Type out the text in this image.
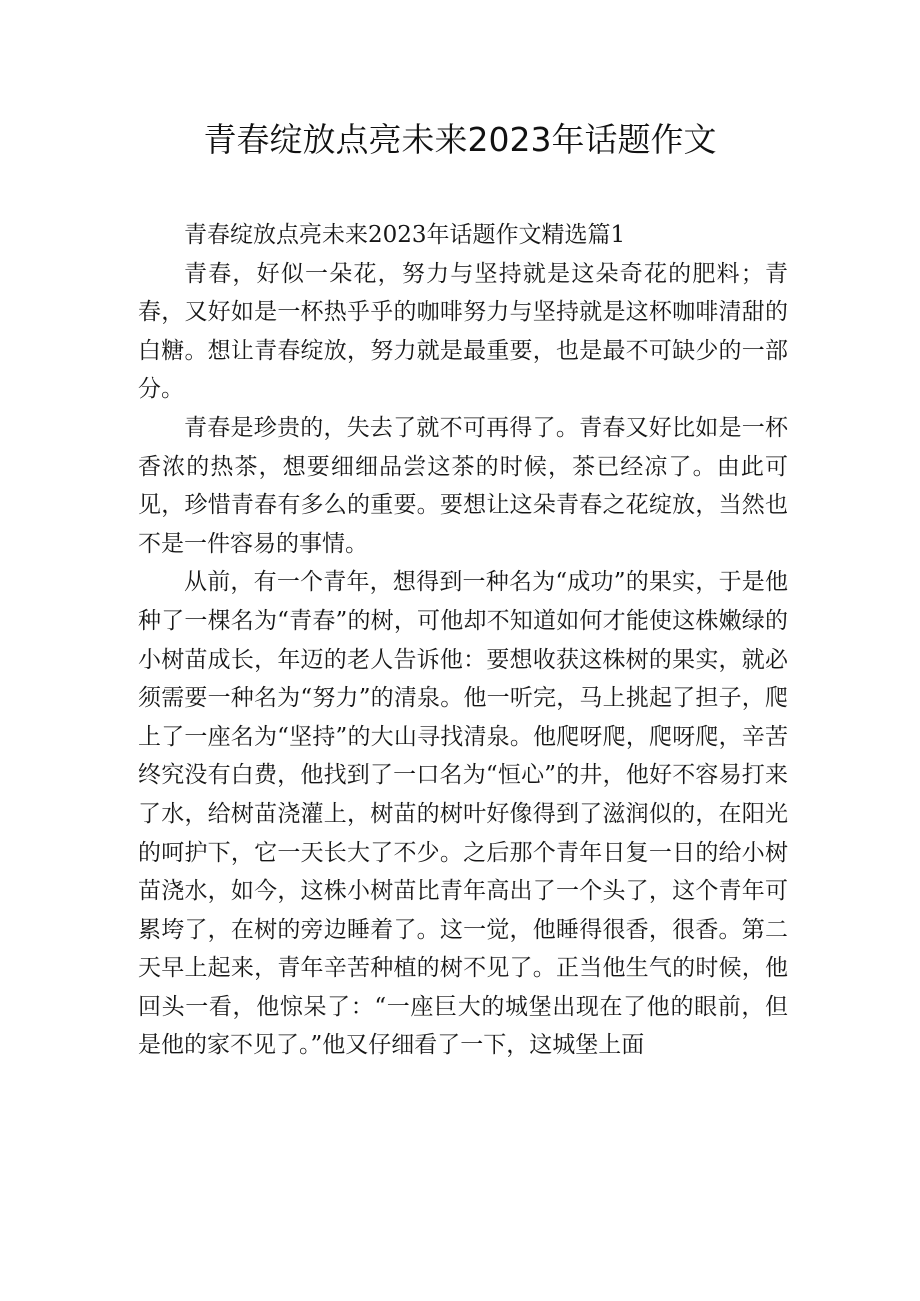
青春绽放点亮未来2023年话题作文

青春绽放点亮未来2023年话题作文精选篇1

青春，好似一朵花，努力与坚持就是这朵奇花的肥料；青春，又好如是一杯热乎乎的咖啡努力与坚持就是这杯咖啡清甜的白糖。想让青春绽放，努力就是最重要，也是最不可缺少的一部分。

青春是珍贵的，失去了就不可再得了。青春又好比如是一杯香浓的热茶，想要细细品尝这茶的时候，茶已经凉了。由此可见，珍惜青春有多么的重要。要想让这朵青春之花绽放，当然也不是一件容易的事情。

从前，有一个青年，想得到一种名为“成功”的果实，于是他种了一棵名为“青春”的树，可他却不知道如何才能使这株嫩绿的小树苗成长，年迈的老人告诉他：要想收获这株树的果实，就必须需要一种名为“努力”的清泉。他一听完，马上挑起了担子，爬上了一座名为“坚持”的大山寻找清泉。他爬呀爬，爬呀爬，辛苦终究没有白费，他找到了一口名为“恒心”的井，他好不容易打来了水，给树苗浇灌上，树苗的树叶好像得到了滋润似的，在阳光的呵护下，它一天长大了不少。之后那个青年日复一日的给小树苗浇水，如今，这株小树苗比青年高出了一个头了，这个青年可累垮了，在树的旁边睡着了。这一觉，他睡得很香，很香。第二天早上起来，青年辛苦种植的树不见了。正当他生气的时候，他回头一看，他惊呆了：“一座巨大的城堡出现在了他的眼前，但是他的家不见了。”他又仔细看了一下，这城堡上面
